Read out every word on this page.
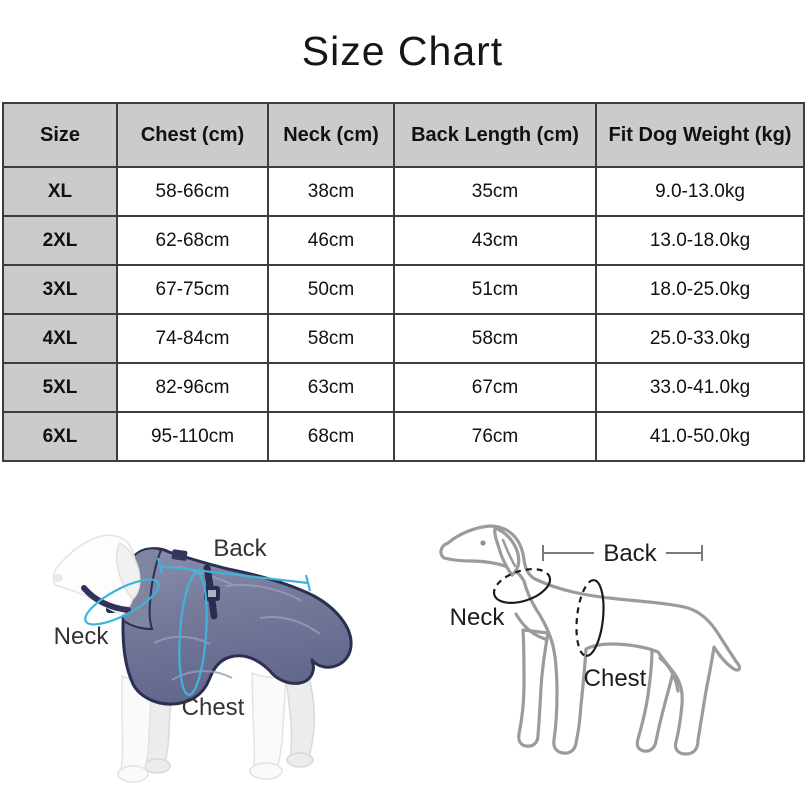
Size Chart
Size	Chest (cm)	Neck (cm)	Back Length (cm)	Fit Dog Weight (kg)
XL	58-66cm	38cm	35cm	9.0-13.0kg
2XL	62-68cm	46cm	43cm	13.0-18.0kg
3XL	67-75cm	50cm	51cm	18.0-25.0kg
4XL	74-84cm	58cm	58cm	25.0-33.0kg
5XL	82-96cm	63cm	67cm	33.0-41.0kg
6XL	95-110cm	68cm	76cm	41.0-50.0kg
Back
Neck
Chest
Back
Neck
Chest
